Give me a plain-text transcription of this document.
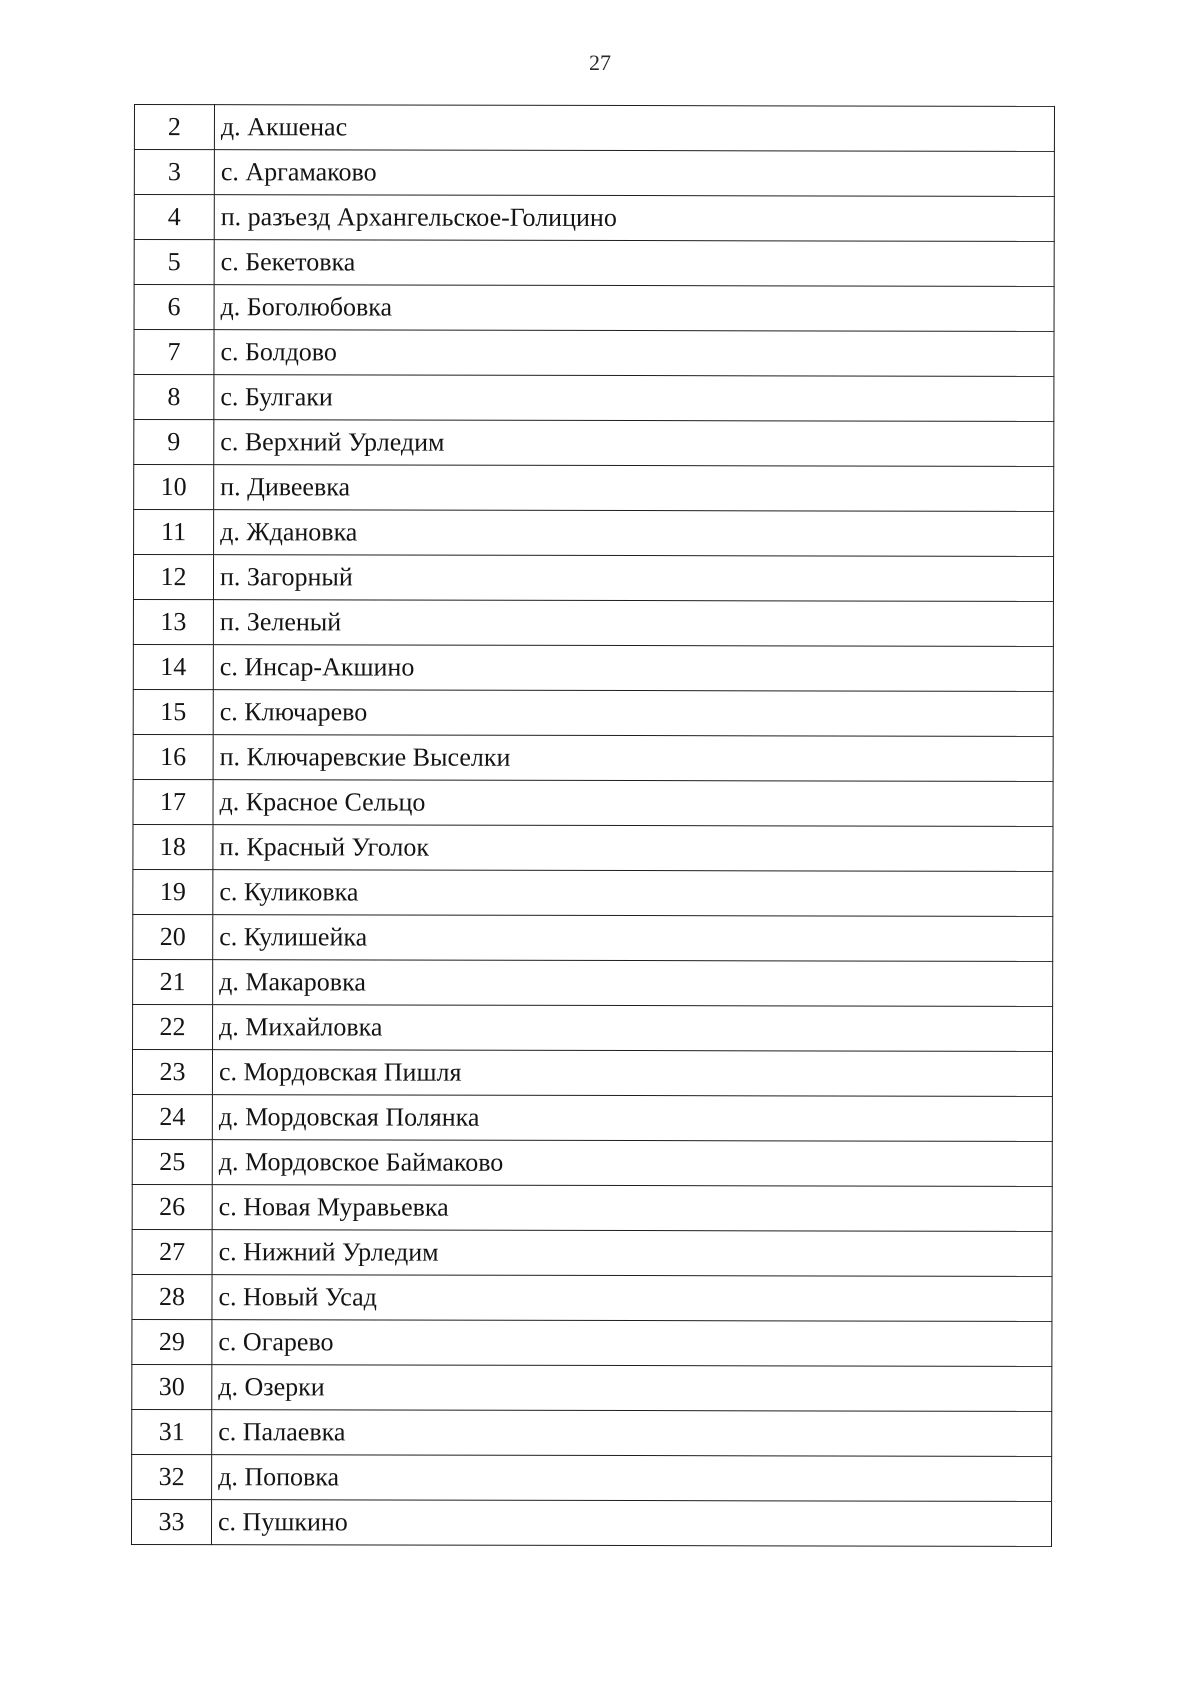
27
2	д. Акшенас
3	с. Аргамаково
4	п. разъезд Архангельское-Голицино
5	с. Бекетовка
6	д. Боголюбовка
7	с. Болдово
8	с. Булгаки
9	с. Верхний Урледим
10	п. Дивеевка
11	д. Ждановка
12	п. Загорный
13	п. Зеленый
14	с. Инсар-Акшино
15	с. Ключарево
16	п. Ключаревские Выселки
17	д. Красное Сельцо
18	п. Красный Уголок
19	с. Куликовка
20	с. Кулишейка
21	д. Макаровка
22	д. Михайловка
23	с. Мордовская Пишля
24	д. Мордовская Полянка
25	д. Мордовское Баймаково
26	с. Новая Муравьевка
27	с. Нижний Урледим
28	с. Новый Усад
29	с. Огарево
30	д. Озерки
31	с. Палаевка
32	д. Поповка
33	с. Пушкино
